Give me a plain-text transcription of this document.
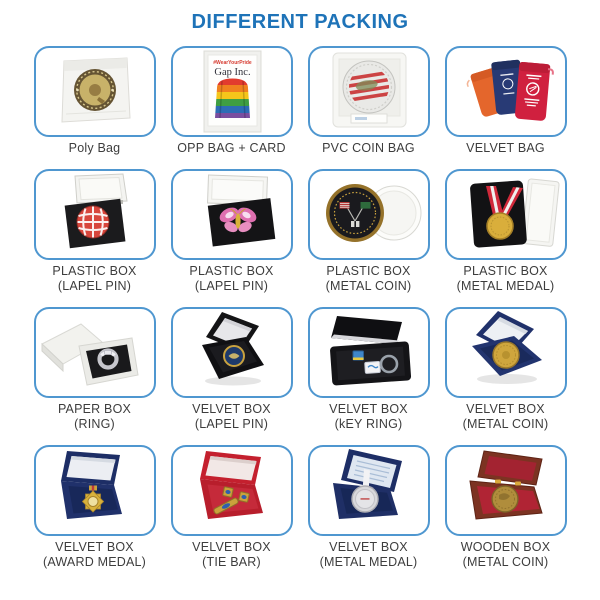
DIFFERENT PACKING
Poly Bag
#WearYourPride
Gap Inc.
OPP BAG + CARD	PVC COIN BAG	VELVET BAG
PLASTIC BOX
(LAPEL PIN)
PLASTIC BOX
(LAPEL PIN)
PLASTIC BOX
(METAL COIN)
PLASTIC BOX
(METAL MEDAL)
PAPER BOX
(RING)
VELVET BOX
(LAPEL PIN)
VELVET BOX
(kEY RING)
VELVET BOX
(METAL COIN)
VELVET BOX
(AWARD MEDAL)
VELVET BOX
(TIE BAR)
VELVET BOX
(METAL MEDAL)
WOODEN BOX
(METAL COIN)
